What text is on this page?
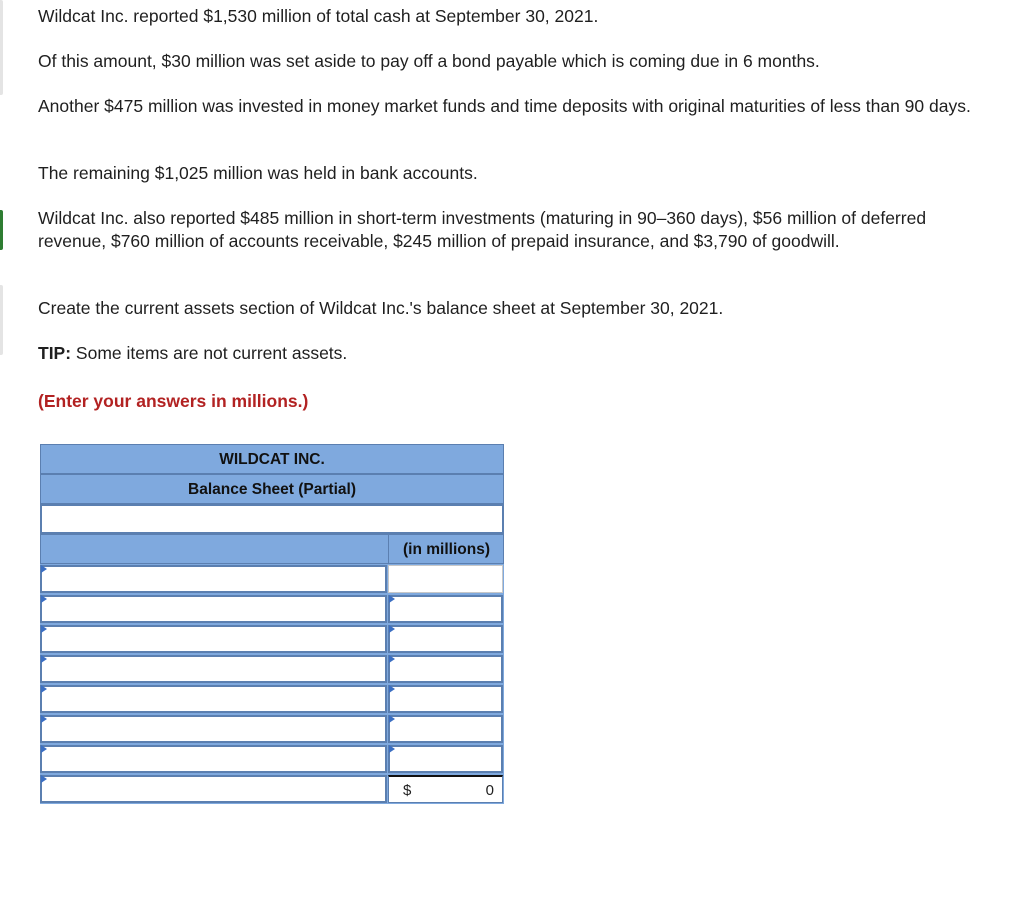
Wildcat Inc. reported $1,530 million of total cash at September 30, 2021.

Of this amount, $30 million was set aside to pay off a bond payable which is coming due in 6 months.

Another $475 million was invested in money market funds and time deposits with original maturities of less than 90 days.

The remaining $1,025 million was held in bank accounts.

Wildcat Inc. also reported $485 million in short-term investments (maturing in 90–360 days), $56 million of deferred revenue, $760 million of accounts receivable, $245 million of prepaid insurance, and $3,790 of goodwill.

Create the current assets section of Wildcat Inc.'s balance sheet at September 30, 2021.

TIP: Some items are not current assets.

(Enter your answers in millions.)

WILDCAT INC.
Balance Sheet (Partial)
(in millions)
$	0
